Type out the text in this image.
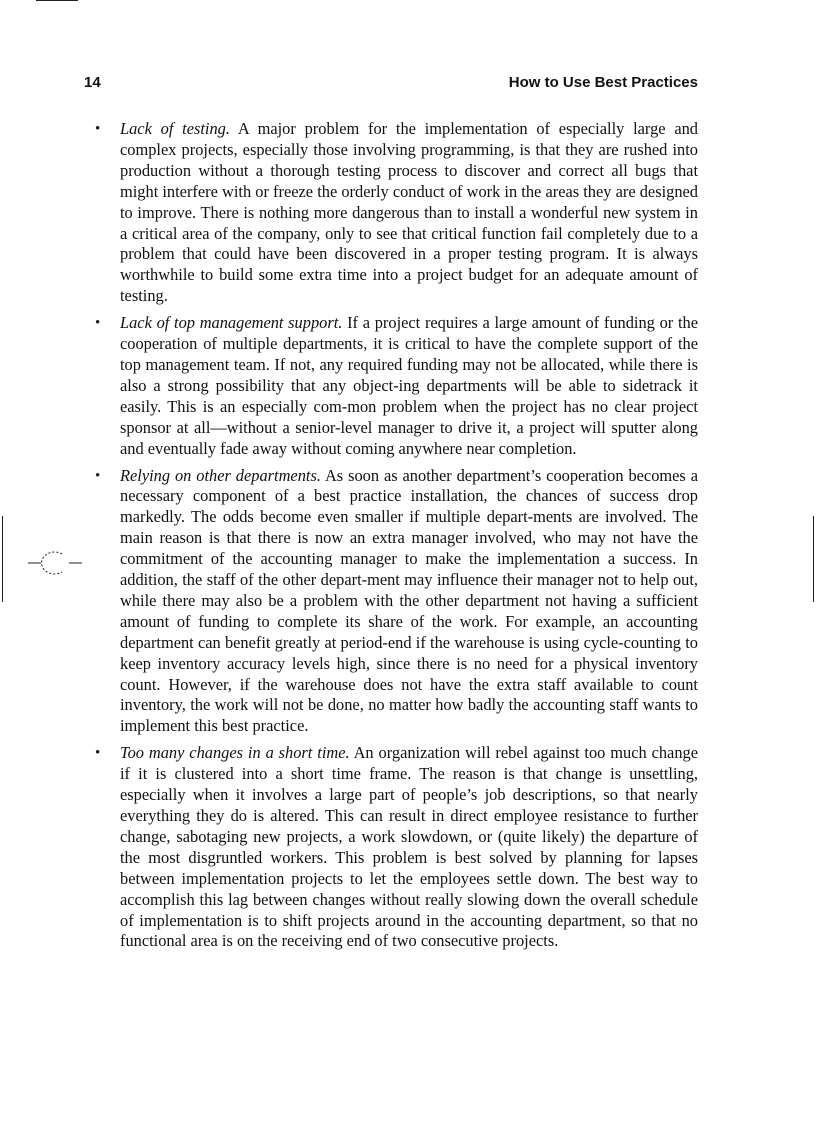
14	How to Use Best Practices
• Lack of testing. A major problem for the implementation of especially large and complex projects, especially those involving programming, is that they are rushed into production without a thorough testing process to discover and correct all bugs that might interfere with or freeze the orderly conduct of work in the areas they are designed to improve. There is nothing more dangerous than to install a wonderful new system in a critical area of the company, only to see that critical function fail completely due to a problem that could have been discovered in a proper testing program. It is always worthwhile to build some extra time into a project budget for an adequate amount of testing.
• Lack of top management support. If a project requires a large amount of funding or the cooperation of multiple departments, it is critical to have the complete support of the top management team. If not, any required funding may not be allocated, while there is also a strong possibility that any object-ing departments will be able to sidetrack it easily. This is an especially com-mon problem when the project has no clear project sponsor at all—without a senior-level manager to drive it, a project will sputter along and eventually fade away without coming anywhere near completion.
• Relying on other departments. As soon as another department’s cooperation becomes a necessary component of a best practice installation, the chances of success drop markedly. The odds become even smaller if multiple depart-ments are involved. The main reason is that there is now an extra manager involved, who may not have the commitment of the accounting manager to make the implementation a success. In addition, the staff of the other depart-ment may influence their manager not to help out, while there may also be a problem with the other department not having a sufficient amount of funding to complete its share of the work. For example, an accounting department can benefit greatly at period-end if the warehouse is using cycle-counting to keep inventory accuracy levels high, since there is no need for a physical inventory count. However, if the warehouse does not have the extra staff available to count inventory, the work will not be done, no matter how badly the accounting staff wants to implement this best practice.
• Too many changes in a short time. An organization will rebel against too much change if it is clustered into a short time frame. The reason is that change is unsettling, especially when it involves a large part of people’s job descriptions, so that nearly everything they do is altered. This can result in direct employee resistance to further change, sabotaging new projects, a work slowdown, or (quite likely) the departure of the most disgruntled workers. This problem is best solved by planning for lapses between implementation projects to let the employees settle down. The best way to accomplish this lag between changes without really slowing down the overall schedule of implementation is to shift projects around in the accounting department, so that no functional area is on the receiving end of two consecutive projects.
